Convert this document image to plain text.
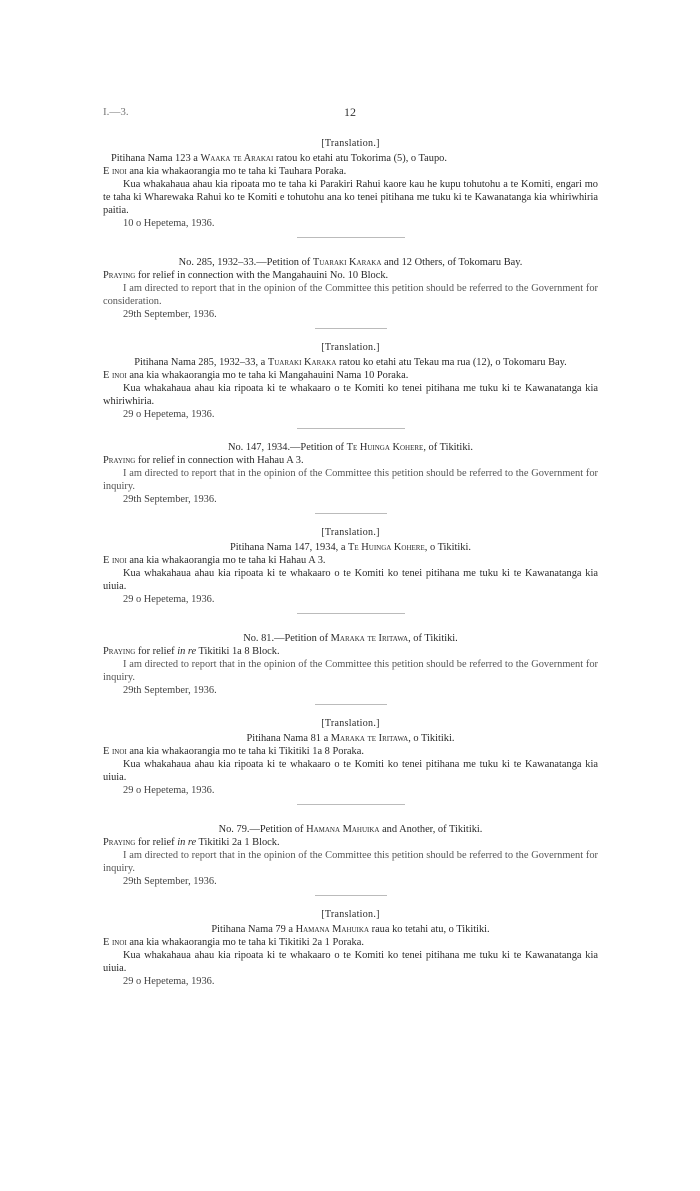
I.—3.	12
[Translation.]

Pitihana Nama 123 a Waaka te Arakai ratou ko etahi atu Tokorima (5), o Taupo.

E inoi ana kia whakaorangia mo te taha ki Tauhara Poraka.

Kua whakahaua ahau kia ripoata mo te taha ki Parakiri Rahui kaore kau he kupu tohutohu a te Komiti, engari mo te taha ki Wharewaka Rahui ko te Komiti e tohutohu ana ko tenei pitihana me tuku ki te Kawanatanga kia whiriwhiria paitia.

10 o Hepetema, 1936.

No. 285, 1932–33.—Petition of Tuaraki Karaka and 12 Others, of Tokomaru Bay.

Praying for relief in connection with the Mangahauini No. 10 Block.

I am directed to report that in the opinion of the Committee this petition should be referred to the Government for consideration.

29th September, 1936.

[Translation.]

Pitihana Nama 285, 1932–33, a Tuaraki Karaka ratou ko etahi atu Tekau ma rua (12), o Tokomaru Bay.

E inoi ana kia whakaorangia mo te taha ki Mangahauini Nama 10 Poraka.

Kua whakahaua ahau kia ripoata ki te whakaaro o te Komiti ko tenei pitihana me tuku ki te Kawanatanga kia whiriwhiria.

29 o Hepetema, 1936.

No. 147, 1934.—Petition of Te Huinga Kohere, of Tikitiki.

Praying for relief in connection with Hahau A 3.

I am directed to report that in the opinion of the Committee this petition should be referred to the Government for inquiry.

29th September, 1936.

[Translation.]

Pitihana Nama 147, 1934, a Te Huinga Kohere, o Tikitiki.

E inoi ana kia whakaorangia mo te taha ki Hahau A 3.

Kua whakahaua ahau kia ripoata ki te whakaaro o te Komiti ko tenei pitihana me tuku ki te Kawanatanga kia uiuia.

29 o Hepetema, 1936.

No. 81.—Petition of Maraka te Iritawa, of Tikitiki.

Praying for relief in re Tikitiki 1a 8 Block.

I am directed to report that in the opinion of the Committee this petition should be referred to the Government for inquiry.

29th September, 1936.

[Translation.]

Pitihana Nama 81 a Maraka te Iritawa, o Tikitiki.

E inoi ana kia whakaorangia mo te taha ki Tikitiki 1a 8 Poraka.

Kua whakahaua ahau kia ripoata ki te whakaaro o te Komiti ko tenei pitihana me tuku ki te Kawanatanga kia uiuia.

29 o Hepetema, 1936.

No. 79.—Petition of Hamana Mahuika and Another, of Tikitiki.

Praying for relief in re Tikitiki 2a 1 Block.

I am directed to report that in the opinion of the Committee this petition should be referred to the Government for inquiry.

29th September, 1936.

[Translation.]

Pitihana Nama 79 a Hamana Mahuika raua ko tetahi atu, o Tikitiki.

E inoi ana kia whakaorangia mo te taha ki Tikitiki 2a 1 Poraka.

Kua whakahaua ahau kia ripoata ki te whakaaro o te Komiti ko tenei pitihana me tuku ki te Kawanatanga kia uiuia.

29 o Hepetema, 1936.
